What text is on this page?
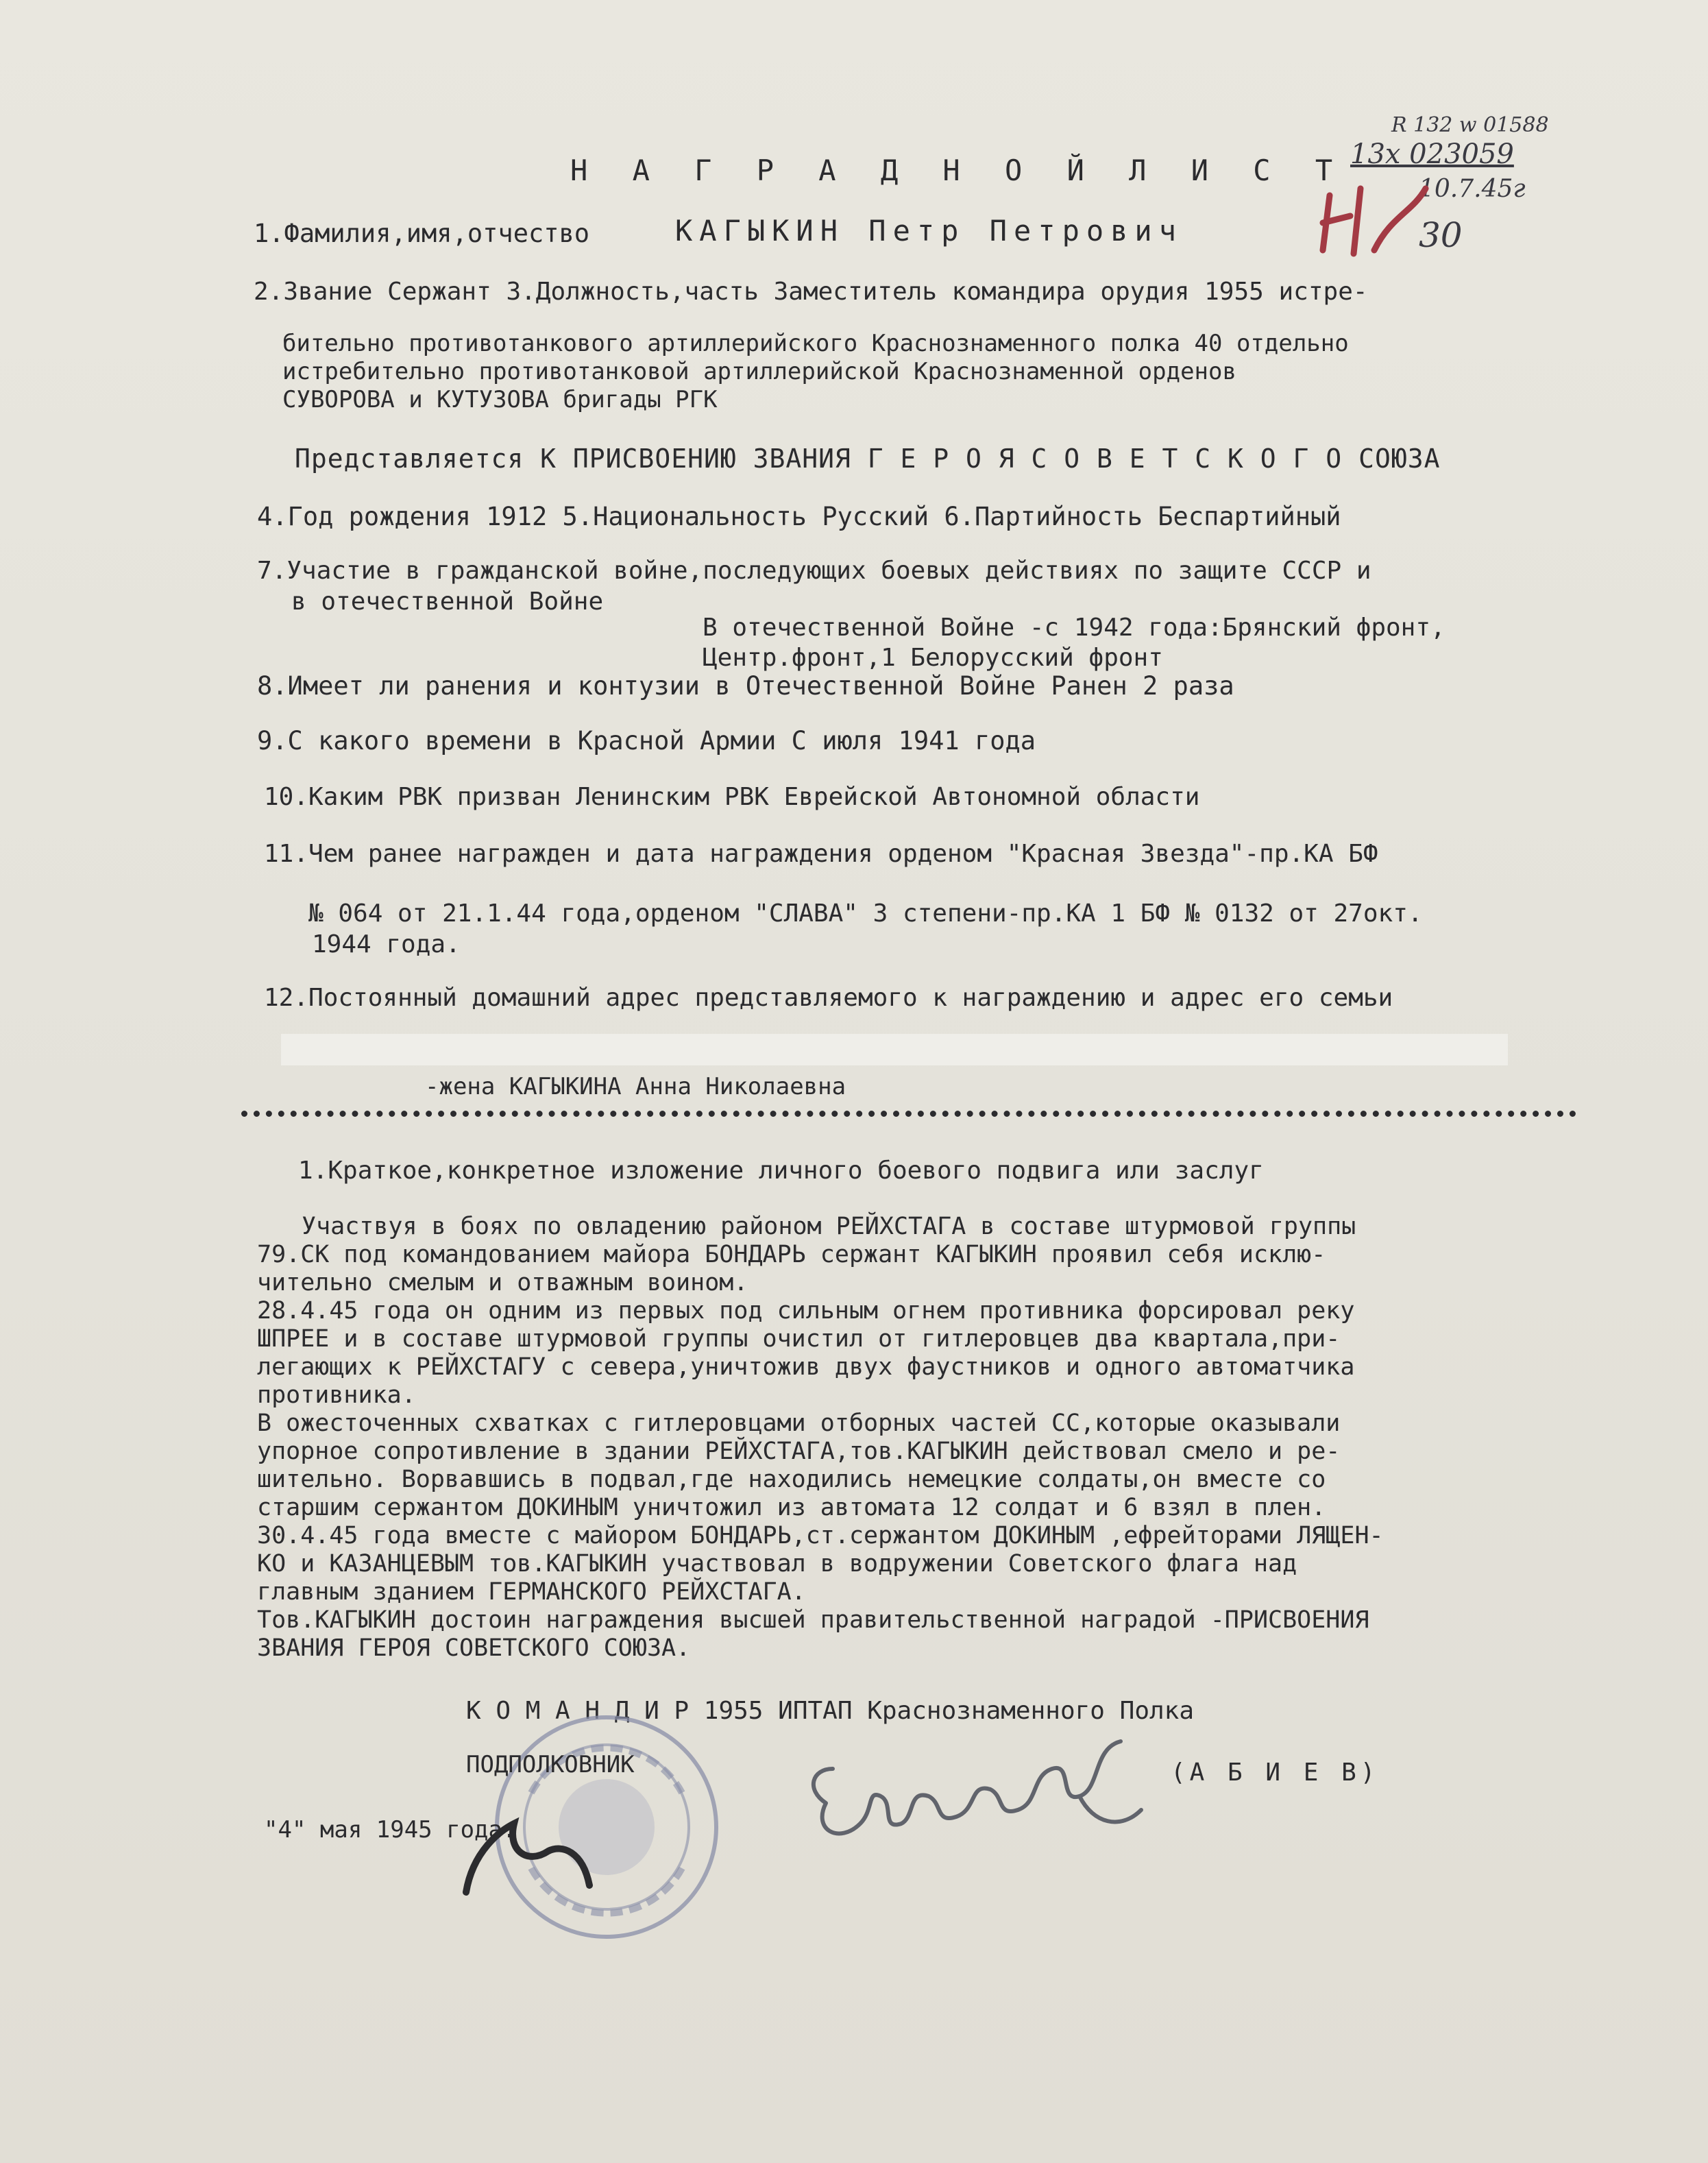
R 132 w 01588
13х 023059
10.7.45г
30
Н А Г Р А Д Н О Й Л И С Т
1.Фамилия,имя,отчество	КАГЫКИН Петр Петрович
2.Звание Сержант 3.Должность,часть Заместитель командира орудия 1955 истре-
бительно противотанкового артиллерийского Краснознаменного полка 40 отдельно
истребительно противотанковой артиллерийской Краснознаменной орденов
СУВОРОВА и КУТУЗОВА бригады РГК
Представляется К ПРИСВОЕНИЮ ЗВАНИЯ Г Е Р О Я С О В Е Т С К О Г О СОЮЗА
4.Год рождения 1912 5.Национальность Русский 6.Партийность Беспартийный
7.Участие в гражданской войне,последующих боевых действиях по защите СССР и
в отечественной Войне
В отечественной Войне -с 1942 года:Брянский фронт,
Центр.фронт,1 Белорусский фронт
8.Имеет ли ранения и контузии в Отечественной Войне Ранен 2 раза
9.С какого времени в Красной Армии С июля 1941 года
10.Каким РВК призван Ленинским РВК Еврейской Автономной области
11.Чем ранее награжден и дата награждения орденом "Красная Звезда"-пр.КА БФ
№ 064 от 21.1.44 года,орденом "СЛАВА" 3 степени-пр.КА 1 БФ № 0132 от 27окт.
1944 года.
12.Постоянный домашний адрес представляемого к награждению и адрес его семьи
-жена КАГЫКИНА Анна Николаевна
1.Краткое,конкретное изложение личного боевого подвига или заслуг
Участвуя в боях по овладению районом РЕЙХСТАГА в составе штурмовой группы
79.СК под командованием майора БОНДАРЬ сержант КАГЫКИН проявил себя исклю-
чительно смелым и отважным воином.
28.4.45 года он одним из первых под сильным огнем противника форсировал реку
ШПРЕЕ и в составе штурмовой группы очистил от гитлеровцев два квартала,при-
легающих к РЕЙХСТАГУ с севера,уничтожив двух фаустников и одного автоматчика
противника.
В ожесточенных схватках с гитлеровцами отборных частей СС,которые оказывали
упорное сопротивление в здании РЕЙХСТАГА,тов.КАГЫКИН действовал смело и ре-
шительно. Ворвавшись в подвал,где находились немецкие солдаты,он вместе со
старшим сержантом ДОКИНЫМ уничтожил из автомата 12 солдат и 6 взял в плен.
30.4.45 года вместе с майором БОНДАРЬ,ст.сержантом ДОКИНЫМ ,ефрейторами ЛЯЩЕН-
КО и КАЗАНЦЕВЫМ тов.КАГЫКИН участвовал в водружении Советского флага над
главным зданием ГЕРМАНСКОГО РЕЙХСТАГА.
Тов.КАГЫКИН достоин награждения высшей правительственной наградой -ПРИСВОЕНИЯ
ЗВАНИЯ ГЕРОЯ СОВЕТСКОГО СОЮЗА.
К О М А Н Д И Р 1955 ИПТАП Краснознаменного Полка
ПОДПОЛКОВНИК	(А Б И Е В)
"4" мая 1945 года.
